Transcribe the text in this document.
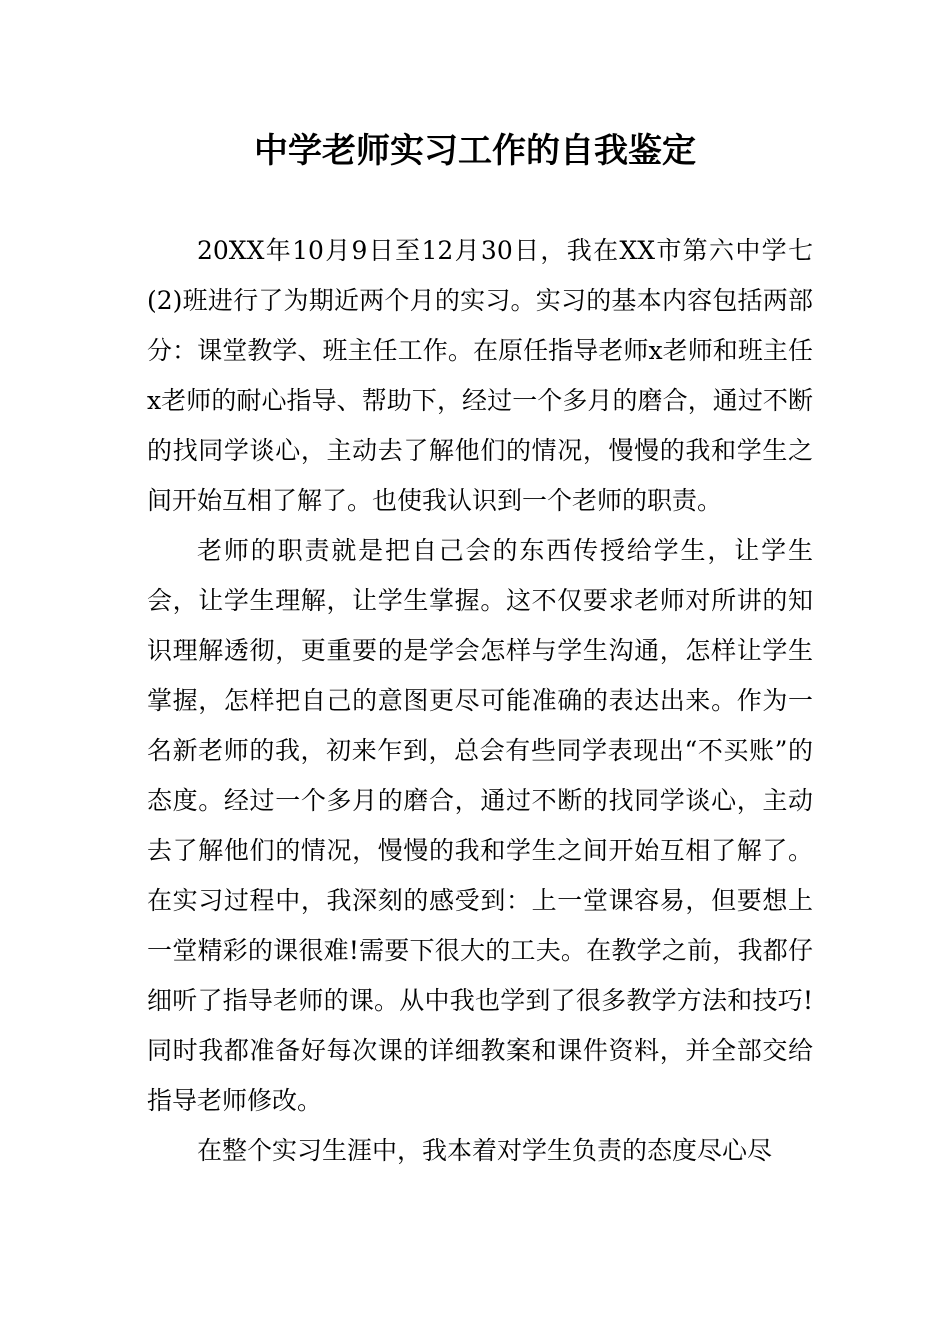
中学老师实习工作的自我鉴定

20XX年10月9日至12月30日，我在XX市第六中学七(2)班进行了为期近两个月的实习。实习的基本内容包括两部分：课堂教学、班主任工作。在原任指导老师x老师和班主任x老师的耐心指导、帮助下，经过一个多月的磨合，通过不断的找同学谈心，主动去了解他们的情况，慢慢的我和学生之间开始互相了解了。也使我认识到一个老师的职责。

老师的职责就是把自己会的东西传授给学生，让学生会，让学生理解，让学生掌握。这不仅要求老师对所讲的知识理解透彻，更重要的是学会怎样与学生沟通，怎样让学生掌握，怎样把自己的意图更尽可能准确的表达出来。作为一名新老师的我，初来乍到，总会有些同学表现出“不买账”的态度。经过一个多月的磨合，通过不断的找同学谈心，主动去了解他们的情况，慢慢的我和学生之间开始互相了解了。在实习过程中，我深刻的感受到：上一堂课容易，但要想上一堂精彩的课很难!需要下很大的工夫。在教学之前，我都仔细听了指导老师的课。从中我也学到了很多教学方法和技巧!同时我都准备好每次课的详细教案和课件资料，并全部交给指导老师修改。

在整个实习生涯中，我本着对学生负责的态度尽心尽
